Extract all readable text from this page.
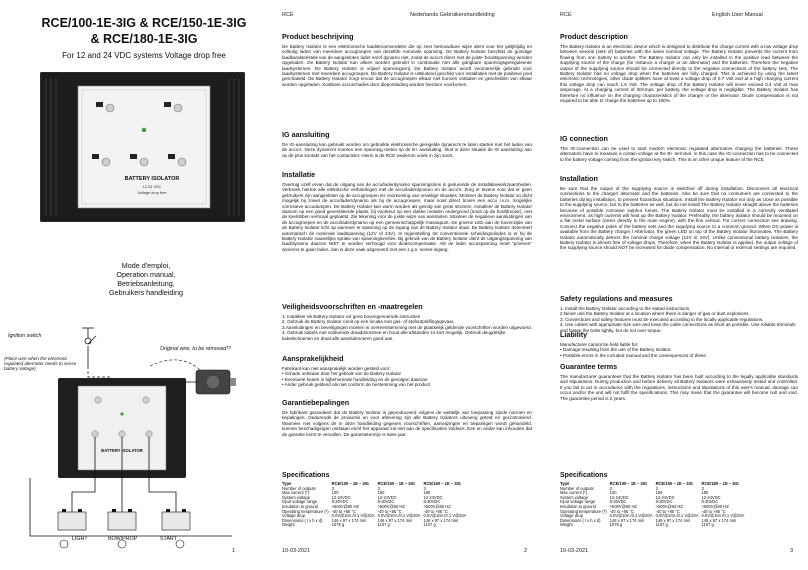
RCE/100-1E-3IG & RCE/150-1E-3IG
& RCE/180-1E-3IG
For 12 and 24 VDC systems Voltage drop free
BATTERY ISOLATOR
12-24 VDC
Voltage drop free
Mode d'emploi,
Operation manual,
Betriebsanleitung,
Gebruikers handleiding
BATTERY ISOLATOR
LIGHT	BOW/PROP	START
Ignition switch
(Place wire when the electronic regulated alternator needs to sense battery voltage)
Original wire, to be removed!?
1
RCE	Nederlands Gebruikershandleiding
Product beschrijving

De Battery Isolator is een elektronische laadstroomverdeler die op zeer betrouwbare wijze dient voor het gelijktijdig en volledig laden van meerdere accugroepen van dezelfde nominale spanning. De Battery Isolator beschikt de gunstige laadkarakteristiek van de aangesloten lader en/of dynamo niet, zodat de accu's direct met de juiste 'boostspanning' worden opgeladen. De Battery Isolator kan alleen worden gebruikt in combinatie met alle gangbare spanningsgereguleerde laadsystemen. De Battery Isolator is vrijwel spanningsvrij. De Battery Isolator wordt voornamelijk gebruikt voor laadsystemen met meerdere accugroepen. De Battery Isolator is uitsluitend geschikt voor installaties met de positieve pool geschakeld. De Battery Isolator zorgt ervoor dat de accugroepen elkaar niet kunnen ontladen en gescheiden van elkaar worden opgeladen. Kostbare accuschades door diepontlading worden hierdoor voorkomen.

IG aansluiting

De IG-aansluiting kan gebruikt worden om gebruikte elektronische geregelde dynamo's te laten starten met het laden van de accu's. Deze dynamo's moeten een spanning meten op de B+ aansluiting. Sluit in deze situatie de IG aansluiting aan op de plus kontakt van het contactslot. Hierin is de RCE wederom uniek in zijn soort.

Installatie

Overtuig uzelf ervan dat de uitgang van de accu/laderdynamo spanningsloos is gedurende de installatiewerkzaamheden. Verbreek hiertoe alle elektrische verbindingen met de accu/laderdynamo en de accu's. Zorg er tevens voor dat er geen gebruikers zijn aangesloten op de accugroepen ter voorkoming van onveilige situaties. Monteer de Battery Isolator zo dicht mogelijk bij zowel de accu/lader/dynamo als bij de accugroepen, maar nooit direct boven een accu i.v.m. mogelijke corrosieve accudampen. De Battery Isolator kan warm worden als gevolg van grote stromen. Installeer de Battery Isolator daarom op een goed geventileerde plaats, bij voorkeur op een vlakke metalen ondergrond (nooit op de hoofdmotor), met de koelribben verticaal geplaatst. Zie tekening voor de juiste wijze van aansluiten. Monteer de negatieve aansluitingen van de accugroepen en de accu/laderdynamo op een gemeenschappelijk massapunt. De groene LED aan de bovenzijde van de Battery Isolator licht op wanneer er spanning op de ingang van de Battery Isolator staat. De Battery Isolator detecteert automatisch de nominale laadspanning (12V of 24V). In tegenstelling tot conventionele scheidingsdiodes is er bij de Battery Isolator nauwelijks sprake van spanningsverlies. Bij gebruik van de Battery Isolator dient de uitgangsspanning van laad/dynamo daarom NIET te worden verhoogd voor diodecompensatie. Als de lader accuspanning moet "proeven" alvorens te gaan laden, dan is deze vaak uitgevoerd met een z.g.n. sense-ingang.

Veiligheidsvoorschriften en -maatregelen
1. Installeer de Battery Isolator vol gens bovengenoemde instructies
2. Gebruik de Battery Isolator nooit op een locatie met gas- of stofontploffingsgevaar.
3.Aansluitingen en beveiligingen moeten in overeenstemming met de plaatselijk geldende voorschriften worden uitgevoerd.
4. Gebruik kabels met voldoende draaddoorsnee en houd alle afstanden zo kort mogelijk. Gebruik deugdelijke kabelschoenen en draai alle aansluitmoeren goed aan.
Aansprakelijkheid
Fabrikant kan niet aansprakelijk worden gesteld voor:
• Schade ontstaan door het gebruik van de Battery Isolator
• Eventuele fouten in bijbehorende handleiding en de gevolgen daarvan
• Ander gebruik geldend als niet conform de bestemming van het product
Garantiebepalingen

De fabrikant garandeert dat de Battery Isolator is geproduceerd volgens de wettelijk van toepassing zijnde normen en bepalingen. Gedurende de productie en voor aflevering zijn alle Battery Isolators uitvoerig getest en gecontroleerd. Wanneer niet volgens de in deze handleiding gegeven voorschriften, aanwijzingen en bepalingen wordt gehandeld, kunnen beschadigingen ontstaan en/of het apparaat zal niet aan de specificaties voldoen. Een en ander kan inhouden dat de garantie komt te vervallen. De garantietermijn is twee jaar.

Specifications
Type	RCE/100 – 1E – 3IG	RCE/150 – 1E – 3IG	RCE/180 – 1E – 3IG
Number of outputs	3	3	3
Max current (*)	100	150	180
System voltage	12-24VDC	12-24VDC	12-24VDC
Input voltage range	8-30VDC	8-30VDC	8-30VDC
Insulation to ground	>500V@60 HZ	>500V@60 HZ	>500V@60 HZ
Operating temperature (*)	-40 to +85 °C	-40 to +85 °C	-40 to +85 °C
Voltage drop	0.0V@10A /0.1 V@20A	0.0V@10A /0.1 V@20A	0.0V@10A /0.1 V@20A
Dimensions ( l x h x d)	146 x 97 x 174 mm	146 x 97 x 174 mm	146 x 97 x 174 mm
Weight	1075 g	1107 g	1107 g
10-03-2021	2
RCE	English User Manual
Product description

The Battery Isolator is an electronic device which is designed to distribute the charge current with a low voltage drop between several (sets of) batteries with the same nominal voltage. The Battery Isolator prevents the current from flowing from one battery to another. The Battery Isolator can only be installed in the positive lead between the supplying source of the charge (for instance a charger or an alternator) and the batteries. Therefore the negative output of the supplying source should be connected directly to the negative connections of the battery sets. The Battery Isolator has no voltage drop when the batteries are fully charged. This is achieved by using the latest electronic technologies, other diode splitters have at least a voltage drop of 0.7 Volt and at a high charging current this voltage drop can reach 1.5 Volt. The voltage drop of the Battery Isolator will never exceed 0.4 Volt at max amperage. At a charging current of 20Amps, per battery, the voltage drop is negligible. The Battery Isolator has therefore no influence on the charging characteristics of the charger or the alternator. Diode compensation is not required to be able to charge the batteries up to 100%.

IG connection

The IG-connection can be used to start modern electronic regulated alternators charging the batteries. These alternators have to measure a certain voltage at the B+ terminal. In this case the IG-connection has to be connected to the battery voltage coming from the ignition key switch. This is an other unique feature of the RCE.

Installation

Be sure that the output of the supplying source is switched off during installation. Disconnect all electrical connections to the charger/ alternator and the batteries. Also be sure that no consumers are connected to the batteries during installation, to prevent hazardous situations. Install the Battery Isolator not only as close as possible to the supplying source, but to the batteries as well, but do not install The Battery Isolator straight above the batteries because of possible corrosive sulphur fumes. The Battery Isolator must be installed in a correctly ventilated environment, as high currents will heat up the Battery Isolator. Preferably, the battery isolator should be mounted on a flat metal surface (never directly to the main engine), with the fins vertical. For correct connection see drawing. Connect the negative poles of the battery sets and the supplying source to a common ground. When DC-power is available from the Battery charger / Alternator, the green LED on top of the Battery Isolator illuminates. The Battery Isolator automatically detects the nominal charge voltage (12V or 24V). Unlike conventional battery isolators, the Battery Isolator is almost free of voltage drops. Therefore, when the Battery Isolator is applied, the output voltage of the supplying source should NOT be increased for diode compensation. No internal or external settings are required.

Safety regulations and measures
1. Install the Battery Isolator according to the stated instructions.
2.Never use the Battery Isolator at a location where there is danger of gas or dust explosions.
3. Connections and safety features must be executed according to the locally applicable regulations.
4. Use cables with appropriate size wire and keep the cable connections as short as possible. Use reliable terminals and fasten the bolts tightly, but do not over torque.
Liability
Manufacturer cannot be held liable for:
• Damage resulting from the use of the Battery Isolator.
• Possible errors in the included manual and the consequences of these.
Guarantee terms

The manufacturer guarantees that the Battery Isolator has been built according to the legally applicable standards and stipulations. During production and before delivery all Battery Isolators were exhaustively tested and controlled. If you fail to act in accordance with the regulations, instructions and stipulations of this user's manual, damage can occur and/or the unit will not fulfil the specifications. This may mean that the guarantee will become null and void. The guarantee period is 2 years.

Specifications
Type	RCE/100 – 1E – 3IG	RCE/150 – 1E – 3IG	RCE/180 – 1E – 3IG
Number of outputs	3	3	3
Max current (*)	100	150	180
System voltage	12-24VDC	12-24VDC	12-24VDC
Input voltage range	8-30VDC	8-30VDC	8-30VDC
Insulation to ground	>500V@60 HZ	>500V@60 HZ	>500V@60 HZ
Operating temperature (*)	-40 to +85 °C	-40 to +85 °C	-40 to +85 °C
Voltage drop	0.0V@10A /0.1 V@20A	0.0V@10A /0.1 V@20A	0.0V@10A /0.1 V@20A
Dimensions ( l x h x d)	146 x 97 x 174 mm	146 x 97 x 174 mm	146 x 97 x 174 mm
Weight	1075 g	1107 g	1107 g
10-03-2021	3
